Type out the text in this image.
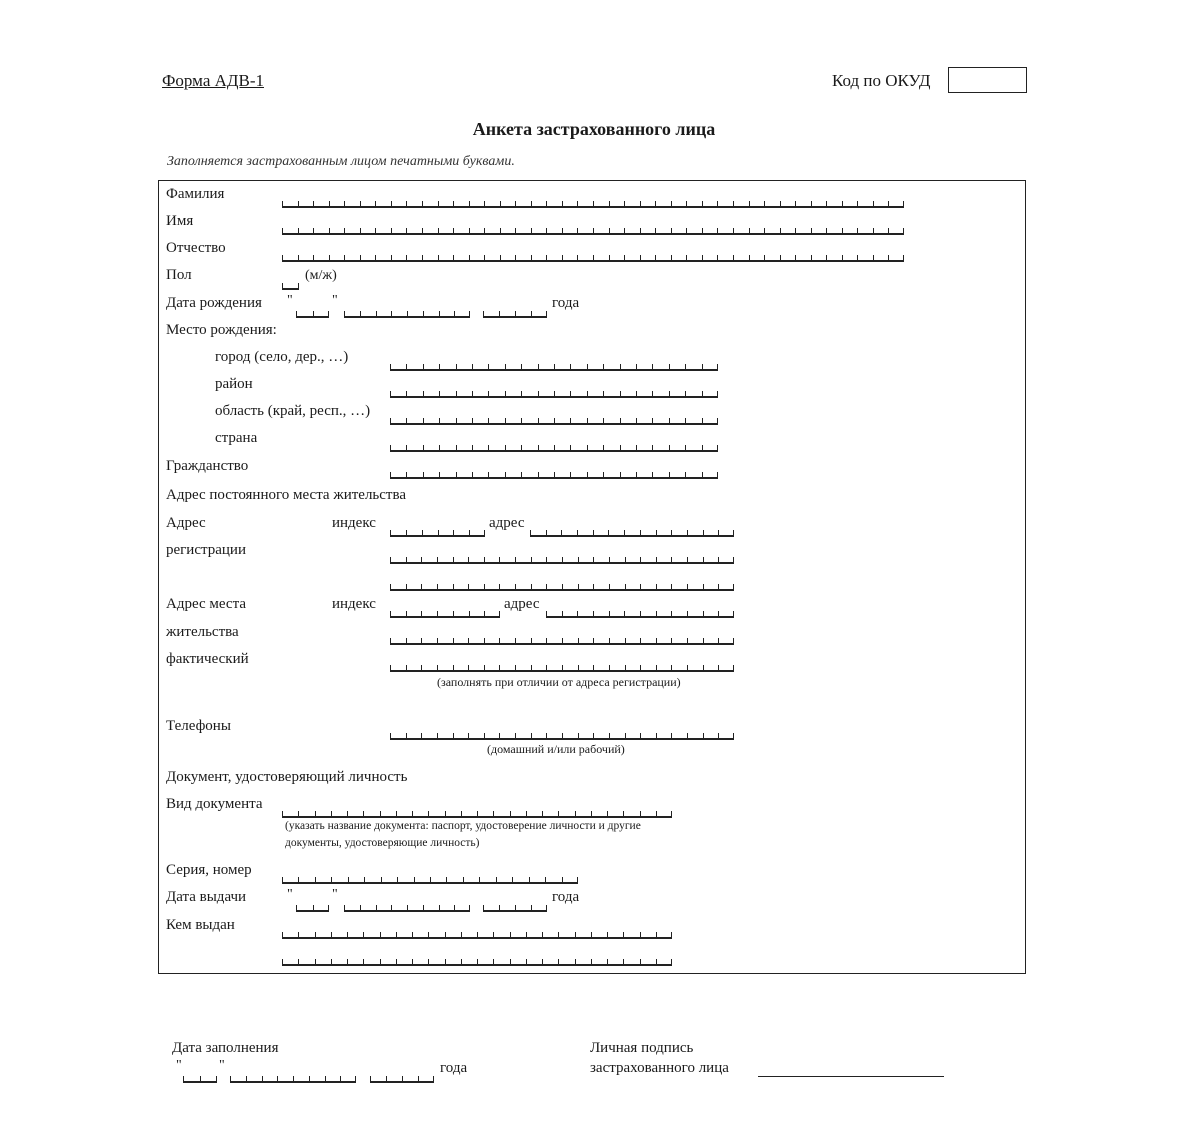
Форма АДВ-1	Код по ОКУД
Анкета застрахованного лица
Заполняется застрахованным лицом печатными буквами.
Фамилия
Имя
Отчество
Пол	(м/ж)
Дата рождения "	"	года
Место рождения:
город (село, дер., …)
район
область (край, респ., …)
страна
Гражданство
Адрес постоянного места жительства
Адрес
регистрации
индекс	адрес
Адрес места
жительства
фактический
индекс	адрес
(заполнять при отличии от адреса регистрации)
Телефоны
(домашний и/или рабочий)
Документ, удостоверяющий личность
Вид документа
(указать название документа: паспорт, удостоверение личности и другие
документы, удостоверяющие личность)
Серия, номер
Дата выдачи	"	"	года
Кем выдан
Дата заполнения
"	"	года
Личная подпись
застрахованного лица
